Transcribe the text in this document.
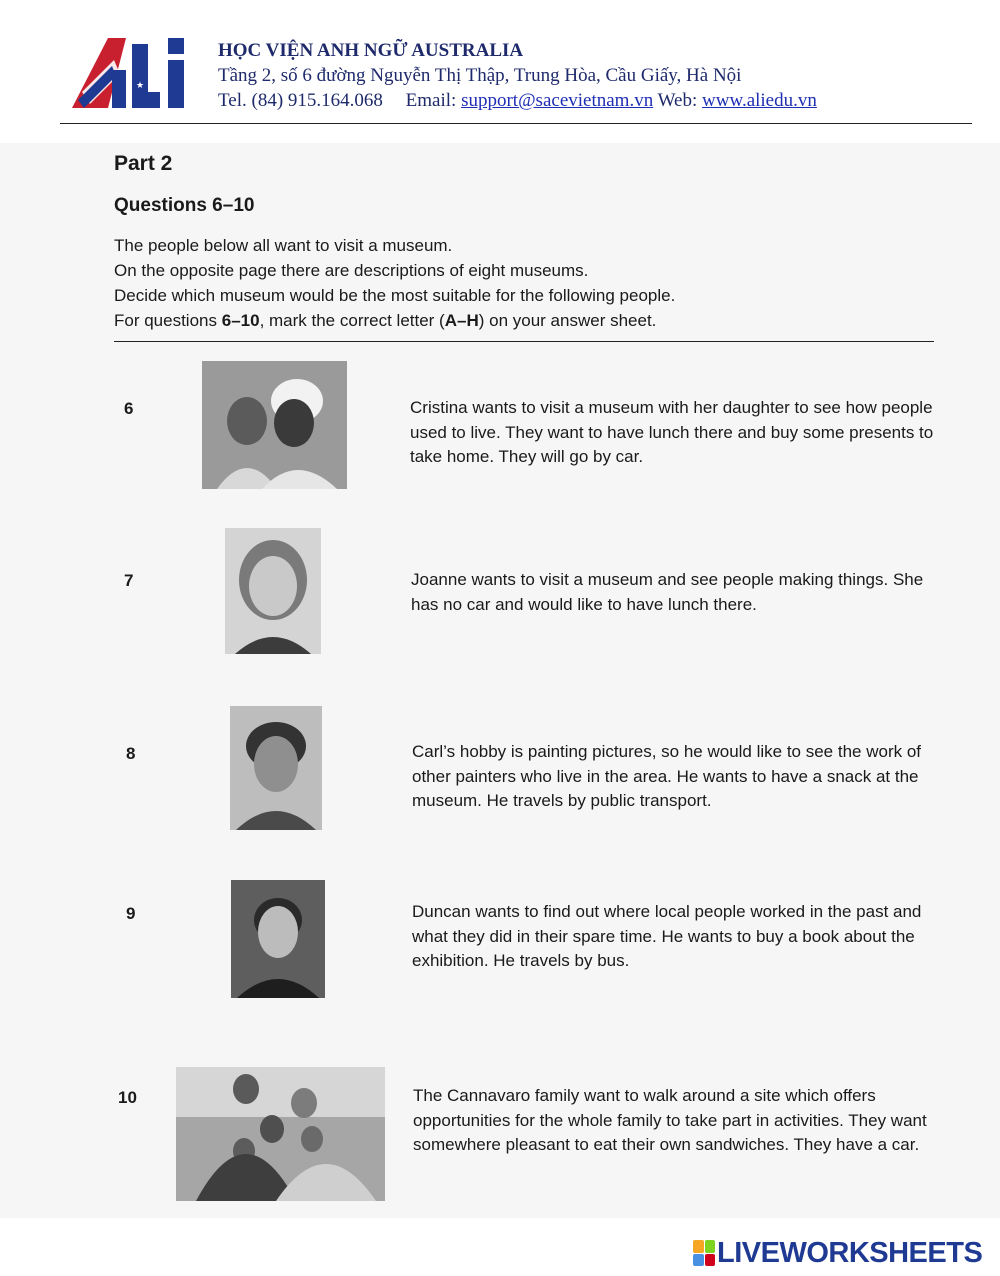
★
HỌC VIỆN ANH NGỮ AUSTRALIA
Tầng 2, số 6 đường Nguyễn Thị Thập, Trung Hòa, Cầu Giấy, Hà Nội
Tel. (84) 915.164.068 Email: support@sacevietnam.vn Web: www.aliedu.vn
Part 2
Questions 6–10
The people below all want to visit a museum.
On the opposite page there are descriptions of eight museums.
Decide which museum would be the most suitable for the following people.
For questions 6–10, mark the correct letter (A–H) on your answer sheet.
6	Cristina wants to visit a museum with her daughter to see how people used to live. They want to have lunch there and buy some presents to take home. They will go by car.
7	Joanne wants to visit a museum and see people making things. She has no car and would like to have lunch there.
8	Carl’s hobby is painting pictures, so he would like to see the work of other painters who live in the area. He wants to have a snack at the museum. He travels by public transport.
9	Duncan wants to find out where local people worked in the past and what they did in their spare time. He wants to buy a book about the exhibition. He travels by bus.
10	The Cannavaro family want to walk around a site which offers opportunities for the whole family to take part in activities. They want somewhere pleasant to eat their own sandwiches. They have a car.
LIVEWORKSHEETS
